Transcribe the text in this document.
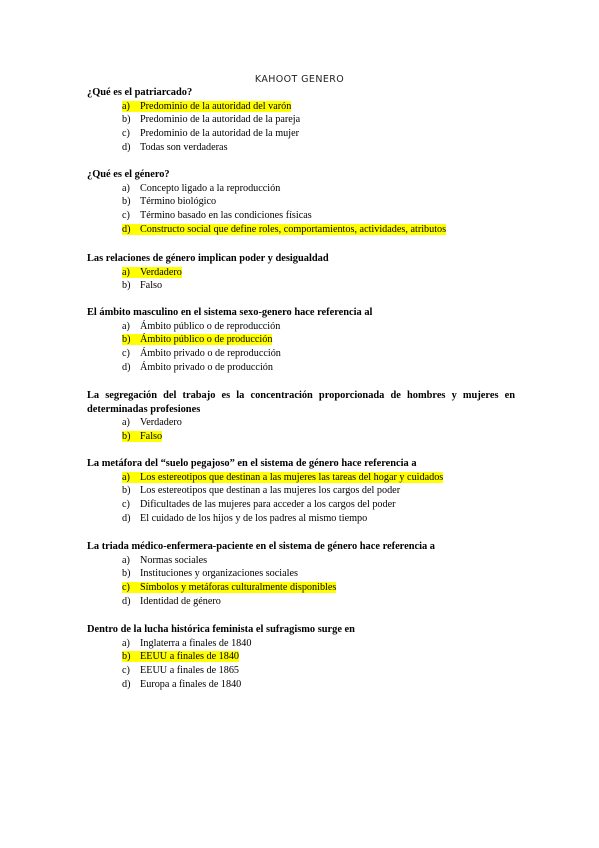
KAHOOT GENERO
¿Qué es el patriarcado?
a) Predominio de la autoridad del varón
b) Predominio de la autoridad de la pareja
c) Predominio de la autoridad de la mujer
d) Todas son verdaderas
¿Qué es el género?
a) Concepto ligado a la reproducción
b) Término biológico
c) Término basado en las condiciones físicas
d) Constructo social que define roles, comportamientos, actividades, atributos
Las relaciones de género implican poder y desigualdad
a) Verdadero
b) Falso
El ámbito masculino en el sistema sexo-genero hace referencia al
a) Ámbito público o de reproducción
b) Ámbito público o de producción
c) Ámbito privado o de reproducción
d) Ámbito privado o de producción
La segregación del trabajo es la concentración proporcionada de hombres y mujeres en determinadas profesiones
a) Verdadero
b) Falso
La metáfora del “suelo pegajoso” en el sistema de género hace referencia a
a) Los estereotipos que destinan a las mujeres las tareas del hogar y cuidados
b) Los estereotipos que destinan a las mujeres los cargos del poder
c) Dificultades de las mujeres para acceder a los cargos del poder
d) El cuidado de los hijos y de los padres al mismo tiempo
La triada médico-enfermera-paciente en el sistema de género hace referencia a
a) Normas sociales
b) Instituciones y organizaciones sociales
c) Símbolos y metáforas culturalmente disponibles
d) Identidad de género
Dentro de la lucha histórica feminista el sufragismo surge en
a) Inglaterra a finales de 1840
b) EEUU a finales de 1840
c) EEUU a finales de 1865
d) Europa a finales de 1840
